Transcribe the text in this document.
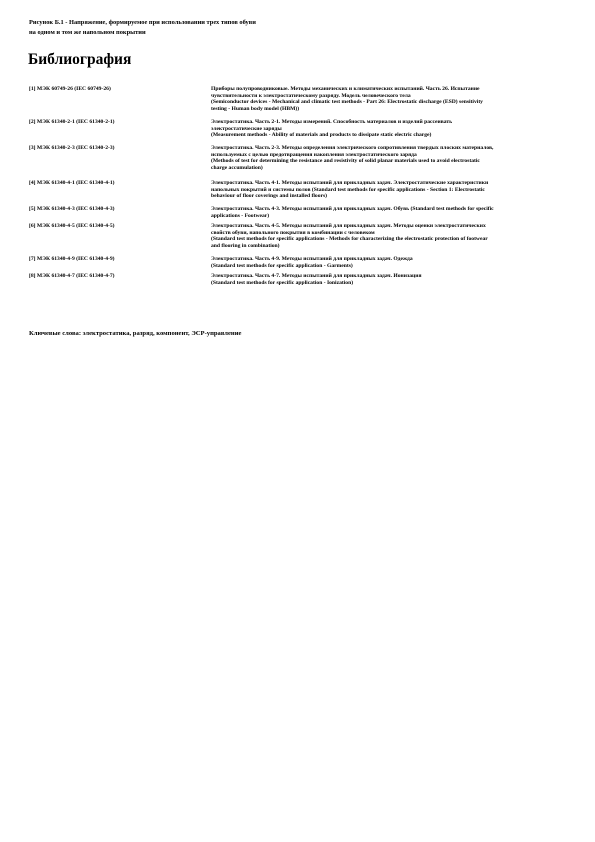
Рисунок Б.1 - Напряжение, формируемое при использовании трех типов обуви
на одном и том же напольном покрытии
Библиография
[1] МЭК 60749-26 (IEC 60749-26)	Приборы полупроводниковые. Методы механических и климатических испытаний. Часть 26. Испытание
чувствительности к электростатическому разряду. Модель человеческого тела
(Semiconductor devices - Mechanical and climatic test methods - Part 26: Electrostatic discharge (ESD) sensitivity
testing - Human body model (HBM))
[2] МЭК 61340-2-1 (IEC 61340-2-1)	Электростатика. Часть 2-1. Методы измерений. Способность материалов и изделий рассеивать
электростатические заряды
(Measurement methods - Ability of materials and products to dissipate static electric charge)
[3] МЭК 61340-2-3 (IEC 61340-2-3)	Электростатика. Часть 2-3. Методы определения электрического сопротивления твердых плоских материалов,
используемых с целью предотвращения накопления электростатического заряда
(Methods of test for determining the resistance and resistivity of solid planar materials used to avoid electrostatic
charge accumulation)
[4] МЭК 61340-4-1 (IEC 61340-4-1)	Электростатика. Часть 4-1. Методы испытаний для прикладных задач. Электростатические характеристики
напольных покрытий и системы полов (Standard test methods for specific applications - Section 1: Electrostatic
behaviour of floor coverings and installed floors)
[5] МЭК 61340-4-3 (IEC 61340-4-3)	Электростатика. Часть 4-3. Методы испытаний для прикладных задач. Обувь (Standard test methods for specific
applications - Footwear)
[6] МЭК 61340-4-5 (IEC 61340-4-5)	Электростатика. Часть 4-5. Методы испытаний для прикладных задач. Методы оценки электростатических
свойств обуви, напольного покрытия в комбинации с человеком
(Standard test methods for specific applications - Methods for characterizing the electrostatic protection of footwear
and flooring in combination)
[7] МЭК 61340-4-9 (IEC 61340-4-9)	Электростатика. Часть 4-9. Методы испытаний для прикладных задач. Одежда
(Standard test methods for specific application - Garments)
[8] МЭК 61340-4-7 (IEC 61340-4-7)	Электростатика. Часть 4-7. Методы испытаний для прикладных задач. Ионизация
(Standard test methods for specific application - Ionization)
Ключевые слова: электростатика, разряд, компонент, ЭСР-управление
